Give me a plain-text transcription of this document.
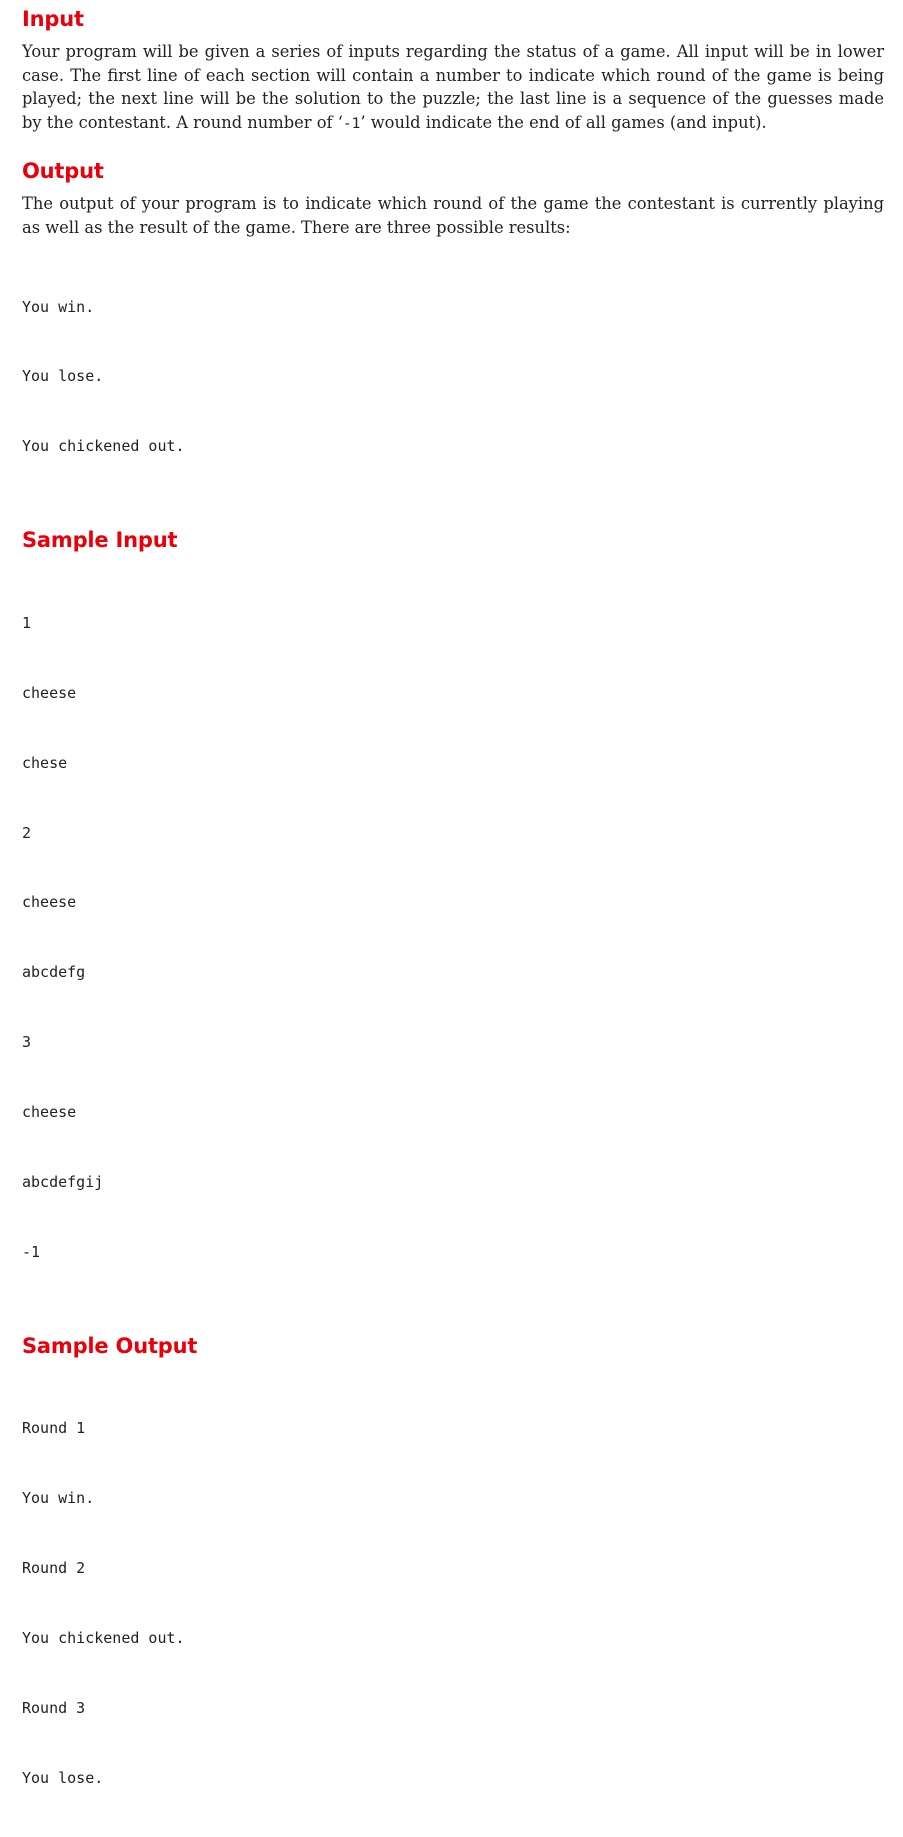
Input

Your program will be given a series of inputs regarding the status of a game. All input will be in lower case. The first line of each section will contain a number to indicate which round of the game is being played; the next line will be the solution to the puzzle; the last line is a sequence of the guesses made by the contestant. A round number of ‘-1’ would indicate the end of all games (and input).

Output

The output of your program is to indicate which round of the game the contestant is currently playing as well as the result of the game. There are three possible results:

You win.

You lose.

You chickened out.

Sample Input

1

cheese

chese

2

cheese

abcdefg

3

cheese

abcdefgij

-1

Sample Output

Round 1

You win.

Round 2

You chickened out.

Round 3

You lose.
